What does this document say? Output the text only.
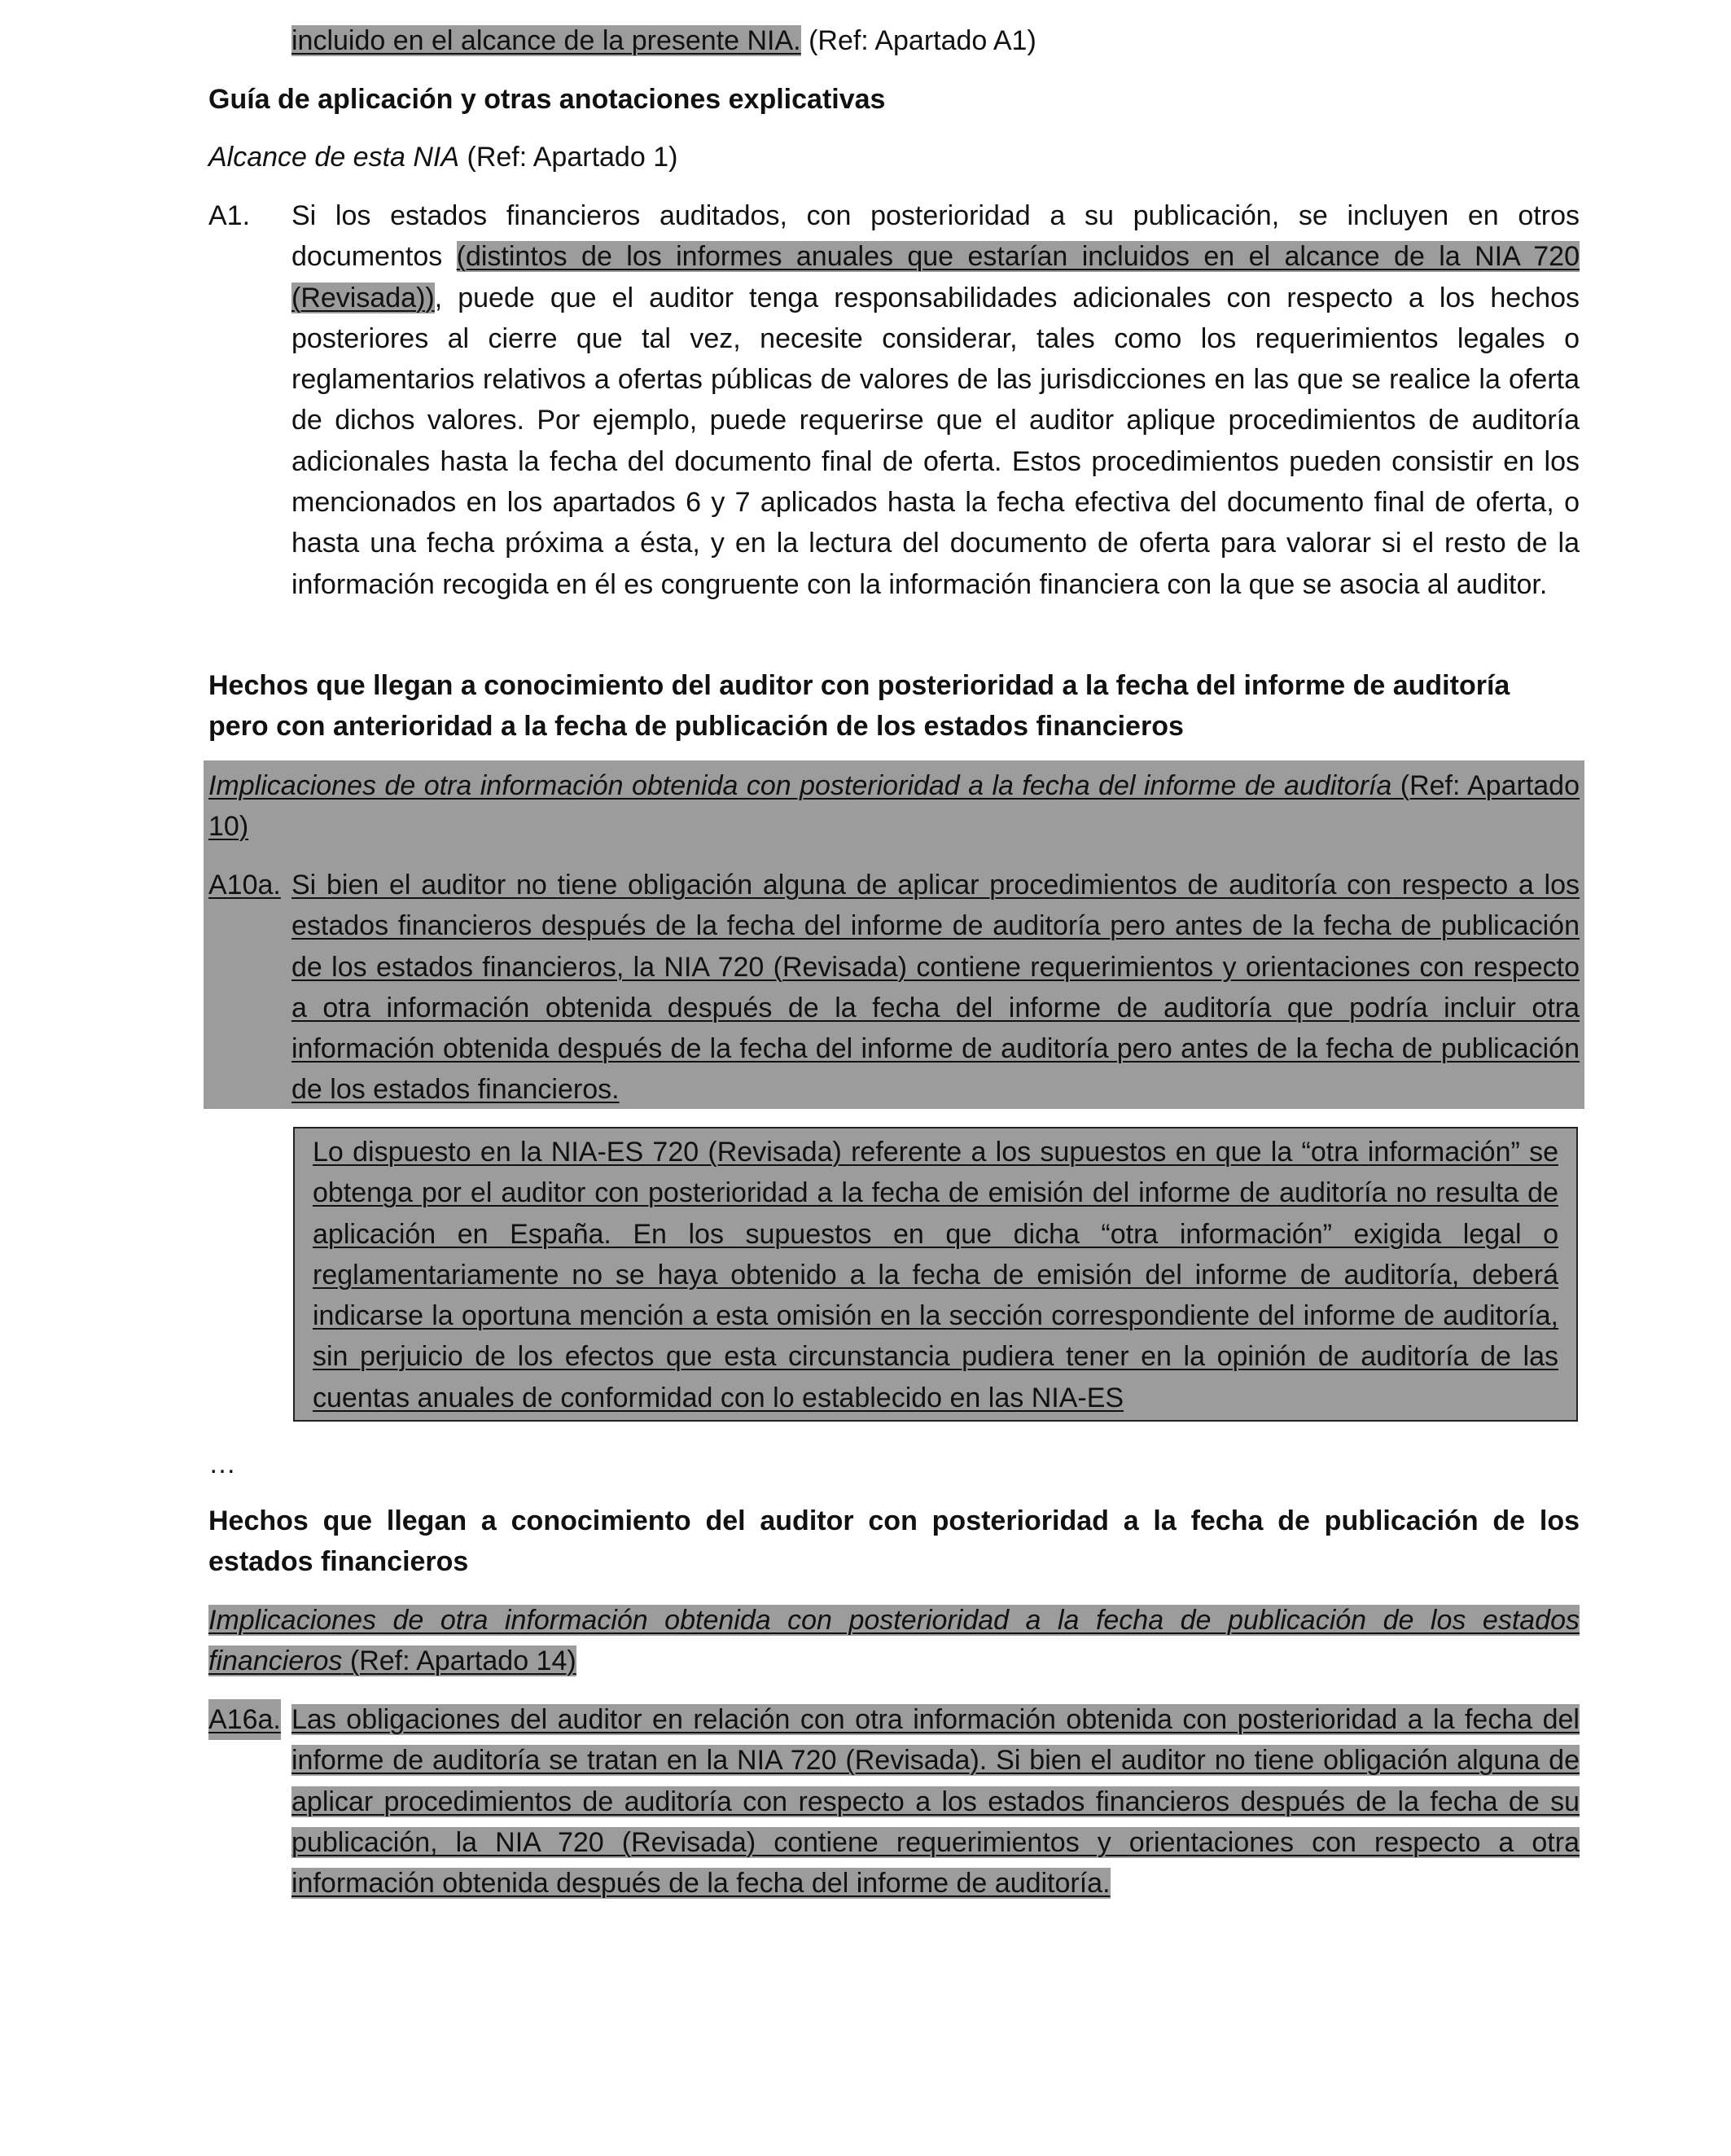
incluido en el alcance de la presente NIA. (Ref: Apartado A1)
Guía de aplicación y otras anotaciones explicativas
Alcance de esta NIA (Ref: Apartado 1)
A1. Si los estados financieros auditados, con posterioridad a su publicación, se incluyen en otros documentos (distintos de los informes anuales que estarían incluidos en el alcance de la NIA 720 (Revisada)), puede que el auditor tenga responsabilidades adicionales con respecto a los hechos posteriores al cierre que tal vez, necesite considerar, tales como los requerimientos legales o reglamentarios relativos a ofertas públicas de valores de las jurisdicciones en las que se realice la oferta de dichos valores. Por ejemplo, puede requerirse que el auditor aplique procedimientos de auditoría adicionales hasta la fecha del documento final de oferta. Estos procedimientos pueden consistir en los mencionados en los apartados 6 y 7 aplicados hasta la fecha efectiva del documento final de oferta, o hasta una fecha próxima a ésta, y en la lectura del documento de oferta para valorar si el resto de la información recogida en él es congruente con la información financiera con la que se asocia al auditor.
Hechos que llegan a conocimiento del auditor con posterioridad a la fecha del informe de auditoría pero con anterioridad a la fecha de publicación de los estados financieros
Implicaciones de otra información obtenida con posterioridad a la fecha del informe de auditoría (Ref: Apartado 10)
A10a. Si bien el auditor no tiene obligación alguna de aplicar procedimientos de auditoría con respecto a los estados financieros después de la fecha del informe de auditoría pero antes de la fecha de publicación de los estados financieros, la NIA 720 (Revisada) contiene requerimientos y orientaciones con respecto a otra información obtenida después de la fecha del informe de auditoría que podría incluir otra información obtenida después de la fecha del informe de auditoría pero antes de la fecha de publicación de los estados financieros.
Lo dispuesto en la NIA-ES 720 (Revisada) referente a los supuestos en que la “otra información” se obtenga por el auditor con posterioridad a la fecha de emisión del informe de auditoría no resulta de aplicación en España. En los supuestos en que dicha “otra información” exigida legal o reglamentariamente no se haya obtenido a la fecha de emisión del informe de auditoría, deberá indicarse la oportuna mención a esta omisión en la sección correspondiente del informe de auditoría, sin perjuicio de los efectos que esta circunstancia pudiera tener en la opinión de auditoría de las cuentas anuales de conformidad con lo establecido en las NIA-ES
…
Hechos que llegan a conocimiento del auditor con posterioridad a la fecha de publicación de los estados financieros
Implicaciones de otra información obtenida con posterioridad a la fecha de publicación de los estados financieros (Ref: Apartado 14)
A16a. Las obligaciones del auditor en relación con otra información obtenida con posterioridad a la fecha del informe de auditoría se tratan en la NIA 720 (Revisada). Si bien el auditor no tiene obligación alguna de aplicar procedimientos de auditoría con respecto a los estados financieros después de la fecha de su publicación, la NIA 720 (Revisada) contiene requerimientos y orientaciones con respecto a otra información obtenida después de la fecha del informe de auditoría.
